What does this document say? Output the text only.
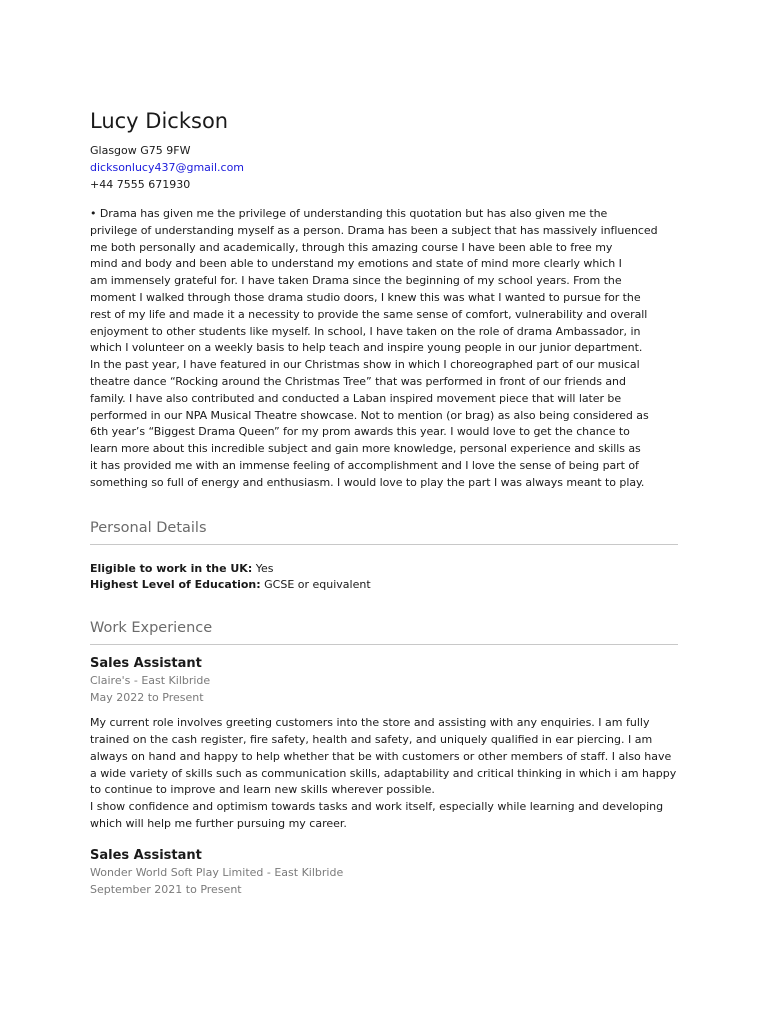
Lucy Dickson
Glasgow G75 9FW
dicksonlucy437@gmail.com
+44 7555 671930
• Drama has given me the privilege of understanding this quotation but has also given me the
privilege of understanding myself as a person. Drama has been a subject that has massively influenced
me both personally and academically, through this amazing course I have been able to free my
mind and body and been able to understand my emotions and state of mind more clearly which I
am immensely grateful for. I have taken Drama since the beginning of my school years. From the
moment I walked through those drama studio doors, I knew this was what I wanted to pursue for the
rest of my life and made it a necessity to provide the same sense of comfort, vulnerability and overall
enjoyment to other students like myself. In school, I have taken on the role of drama Ambassador, in
which I volunteer on a weekly basis to help teach and inspire young people in our junior department.
In the past year, I have featured in our Christmas show in which I choreographed part of our musical
theatre dance “Rocking around the Christmas Tree” that was performed in front of our friends and
family. I have also contributed and conducted a Laban inspired movement piece that will later be
performed in our NPA Musical Theatre showcase. Not to mention (or brag) as also being considered as
6th year’s “Biggest Drama Queen” for my prom awards this year. I would love to get the chance to
learn more about this incredible subject and gain more knowledge, personal experience and skills as
it has provided me with an immense feeling of accomplishment and I love the sense of being part of
something so full of energy and enthusiasm. I would love to play the part I was always meant to play.
Personal Details
Eligible to work in the UK: Yes
Highest Level of Education: GCSE or equivalent
Work Experience
Sales Assistant
Claire's - East Kilbride
May 2022 to Present
My current role involves greeting customers into the store and assisting with any enquiries. I am fully
trained on the cash register, fire safety, health and safety, and uniquely qualified in ear piercing. I am
always on hand and happy to help whether that be with customers or other members of staff. I also have
a wide variety of skills such as communication skills, adaptability and critical thinking in which i am happy
to continue to improve and learn new skills wherever possible.
I show confidence and optimism towards tasks and work itself, especially while learning and developing
which will help me further pursuing my career.
Sales Assistant
Wonder World Soft Play Limited - East Kilbride
September 2021 to Present
